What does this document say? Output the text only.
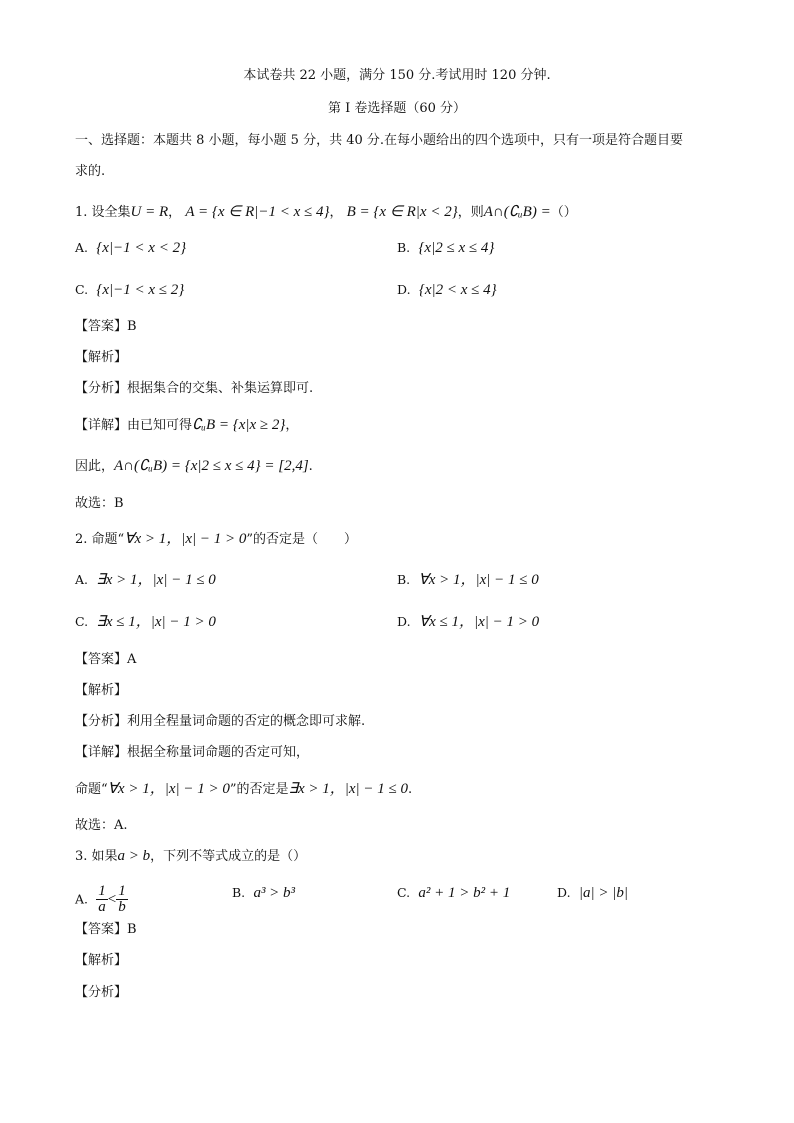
本试卷共 22 小题，满分 150 分.考试用时 120 分钟.
第 I 卷选择题（60 分）
一、选择题：本题共 8 小题，每小题 5 分，共 40 分.在每小题给出的四个选项中，只有一项是符合题目要
求的.
1. 设全集U = R， A = {x ∈ R|−1 < x ≤ 4}， B = {x ∈ R|x < 2}，则A∩(∁ᵤB) =（）
A. {x|−1 < x < 2}	B. {x|2 ≤ x ≤ 4}
C. {x|−1 < x ≤ 2}	D. {x|2 < x ≤ 4}
【答案】B
【解析】
【分析】根据集合的交集、补集运算即可.
【详解】由已知可得∁ᵤB = {x|x ≥ 2}，
因此，A∩(∁ᵤB) = {x|2 ≤ x ≤ 4} = [2,4].
故选：B
2. 命题“∀x > 1，|x| − 1 > 0”的否定是（　　）
A. ∃x > 1，|x| − 1 ≤ 0	B. ∀x > 1，|x| − 1 ≤ 0
C. ∃x ≤ 1，|x| − 1 > 0	D. ∀x ≤ 1，|x| − 1 > 0
【答案】A
【解析】
【分析】利用全程量词命题的否定的概念即可求解.
【详解】根据全称量词命题的否定可知，
命题“∀x > 1，|x| − 1 > 0”的否定是∃x > 1，|x| − 1 ≤ 0.
故选：A.
3. 如果a > b，下列不等式成立的是（）
A. $\frac{1}{a} < \frac{1}{b}$	B. a³ > b³	C. a² + 1 > b² + 1	D. |a| > |b|
【答案】B
【解析】
【分析】
